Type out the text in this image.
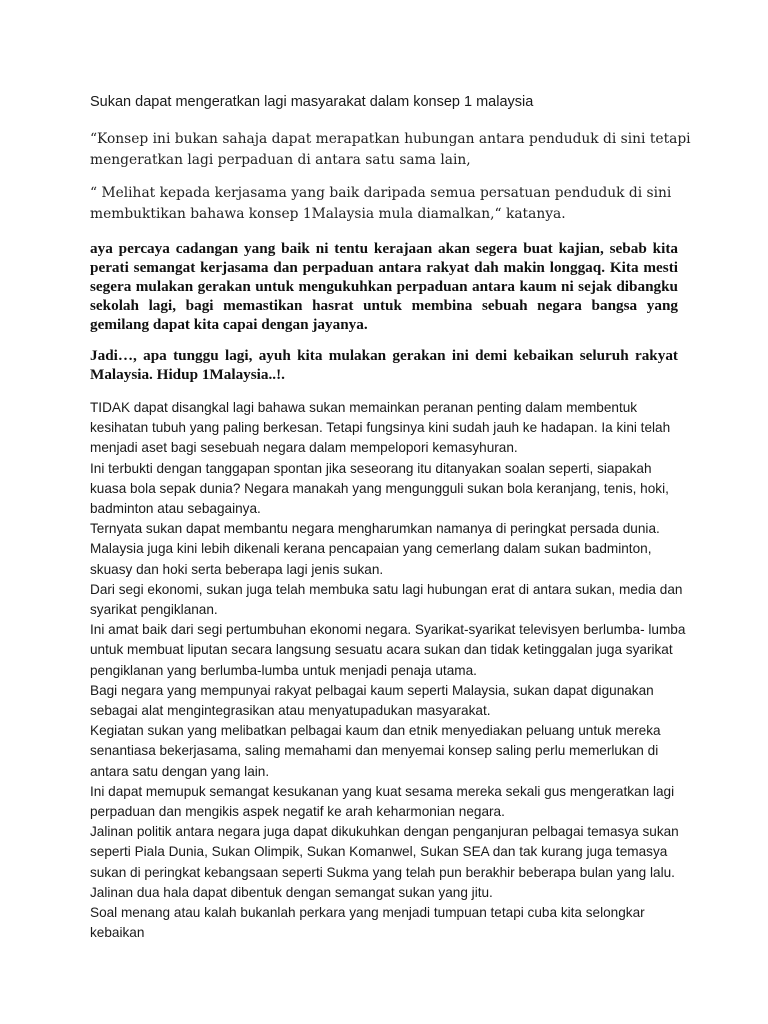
Sukan dapat mengeratkan lagi masyarakat dalam konsep 1 malaysia

“Konsep ini bukan sahaja dapat merapatkan hubungan antara penduduk di sini tetapi mengeratkan lagi perpaduan di antara satu sama lain,

“ Melihat kepada kerjasama yang baik daripada semua persatuan penduduk di sini membuktikan bahawa konsep 1Malaysia mula diamalkan,“ katanya.

aya percaya cadangan yang baik ni tentu kerajaan akan segera buat kajian, sebab kita perati semangat kerjasama dan perpaduan antara rakyat dah makin longgaq. Kita mesti segera mulakan gerakan untuk mengukuhkan perpaduan antara kaum ni sejak dibangku sekolah lagi, bagi memastikan hasrat untuk membina sebuah negara bangsa yang gemilang dapat kita capai dengan jayanya.

Jadi…, apa tunggu lagi, ayuh kita mulakan gerakan ini demi kebaikan seluruh rakyat Malaysia. Hidup 1Malaysia..!.

TIDAK dapat disangkal lagi bahawa sukan memainkan peranan penting dalam membentuk kesihatan tubuh yang paling berkesan. Tetapi fungsinya kini sudah jauh ke hadapan. Ia kini telah menjadi aset bagi sesebuah negara dalam mempelopori kemasyhuran.

Ini terbukti dengan tanggapan spontan jika seseorang itu ditanyakan soalan seperti, siapakah kuasa bola sepak dunia? Negara manakah yang mengungguli sukan bola keranjang, tenis, hoki, badminton atau sebagainya.

Ternyata sukan dapat membantu negara mengharumkan namanya di peringkat persada dunia. Malaysia juga kini lebih dikenali kerana pencapaian yang cemerlang dalam sukan badminton, skuasy dan hoki serta beberapa lagi jenis sukan.

Dari segi ekonomi, sukan juga telah membuka satu lagi hubungan erat di antara sukan, media dan syarikat pengiklanan.

Ini amat baik dari segi pertumbuhan ekonomi negara. Syarikat-syarikat televisyen berlumba- lumba untuk membuat liputan secara langsung sesuatu acara sukan dan tidak ketinggalan juga syarikat pengiklanan yang berlumba-lumba untuk menjadi penaja utama.

Bagi negara yang mempunyai rakyat pelbagai kaum seperti Malaysia, sukan dapat digunakan sebagai alat mengintegrasikan atau menyatupadukan masyarakat.

Kegiatan sukan yang melibatkan pelbagai kaum dan etnik menyediakan peluang untuk mereka senantiasa bekerjasama, saling memahami dan menyemai konsep saling perlu memerlukan di antara satu dengan yang lain.

Ini dapat memupuk semangat kesukanan yang kuat sesama mereka sekali gus mengeratkan lagi perpaduan dan mengikis aspek negatif ke arah keharmonian negara.

Jalinan politik antara negara juga dapat dikukuhkan dengan penganjuran pelbagai temasya sukan seperti Piala Dunia, Sukan Olimpik, Sukan Komanwel, Sukan SEA dan tak kurang juga temasya sukan di peringkat kebangsaan seperti Sukma yang telah pun berakhir beberapa bulan yang lalu. Jalinan dua hala dapat dibentuk dengan semangat sukan yang jitu.

Soal menang atau kalah bukanlah perkara yang menjadi tumpuan tetapi cuba kita selongkar kebaikan
